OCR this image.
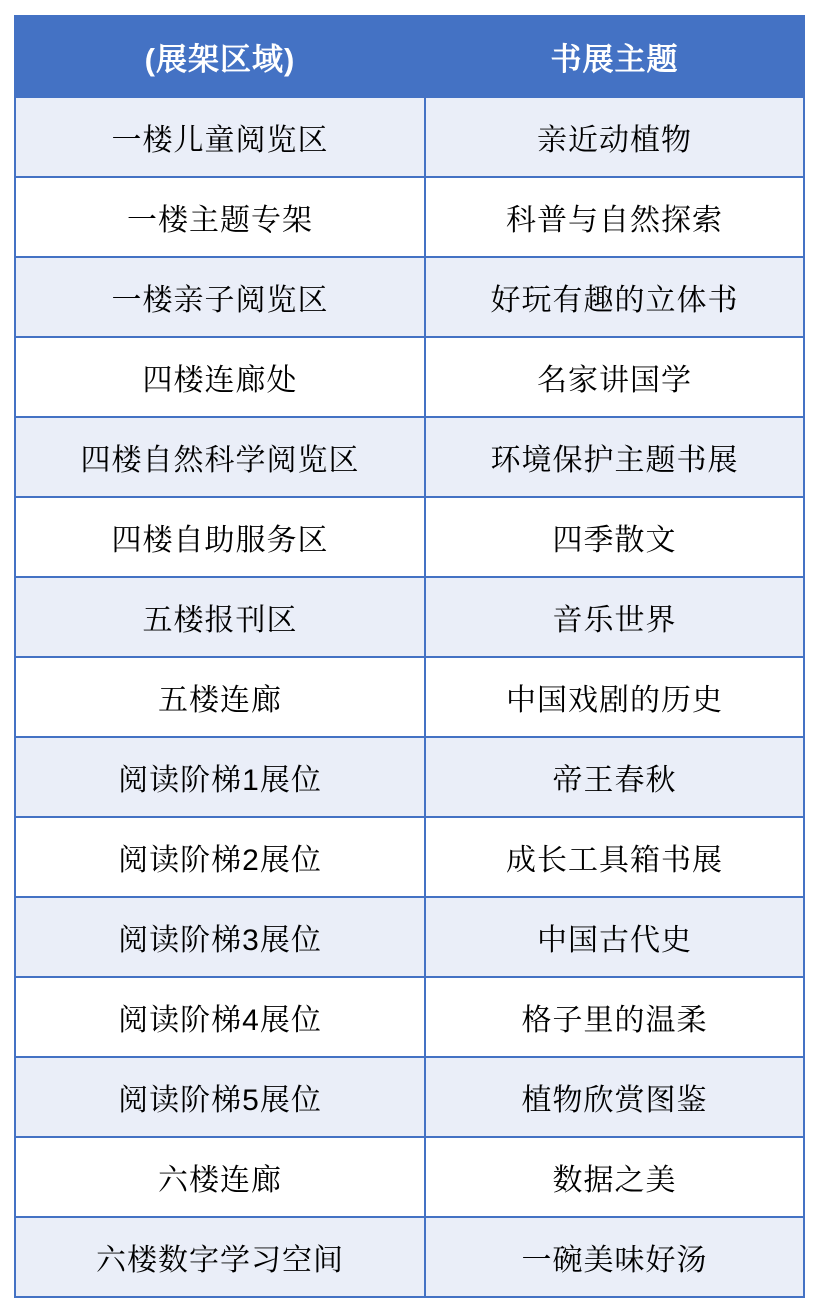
(展架区域)	书展主题
一楼儿童阅览区	亲近动植物
一楼主题专架	科普与自然探索
一楼亲子阅览区	好玩有趣的立体书
四楼连廊处	名家讲国学
四楼自然科学阅览区	环境保护主题书展
四楼自助服务区	四季散文
五楼报刊区	音乐世界
五楼连廊	中国戏剧的历史
阅读阶梯1展位	帝王春秋
阅读阶梯2展位	成长工具箱书展
阅读阶梯3展位	中国古代史
阅读阶梯4展位	格子里的温柔
阅读阶梯5展位	植物欣赏图鉴
六楼连廊	数据之美
六楼数字学习空间	一碗美味好汤
